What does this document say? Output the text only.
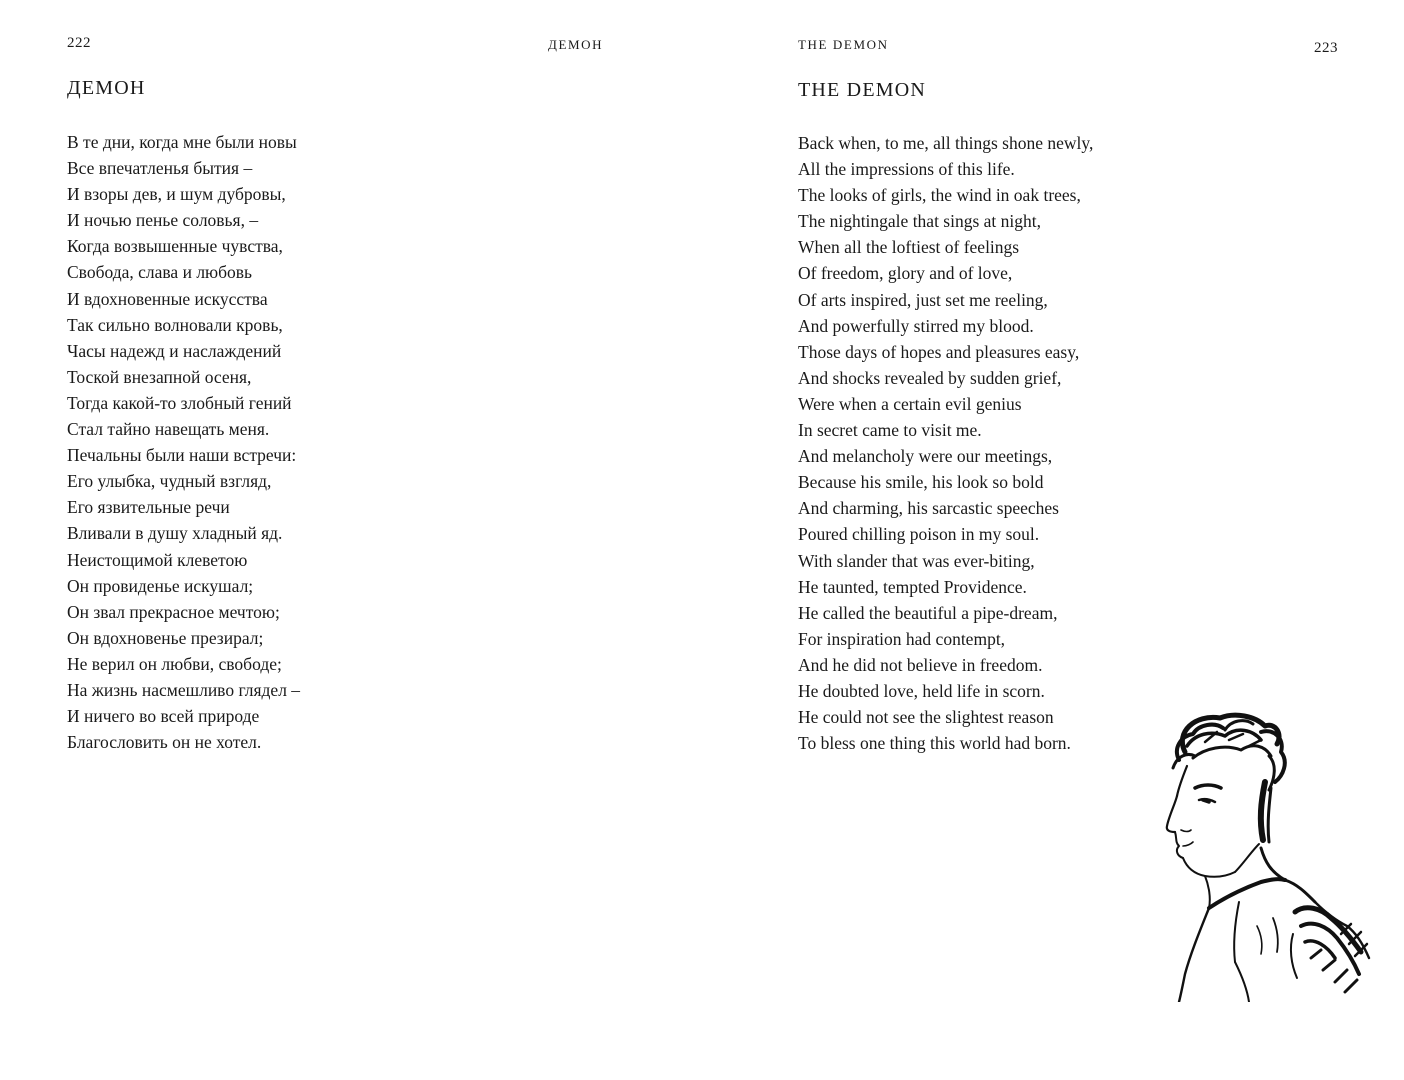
222	ДЕМОН
ДЕМОН
В те дни, когда мне были новы
Все впечатленья бытия –
И взоры дев, и шум дубровы,
И ночью пенье соловья, –
Когда возвышенные чувства,
Свобода, слава и любовь
И вдохновенные искусства
Так сильно волновали кровь,
Часы надежд и наслаждений
Тоской внезапной осеня,
Тогда какой-то злобный гений
Стал тайно навещать меня.
Печальны были наши встречи:
Его улыбка, чудный взгляд,
Его язвительные речи
Вливали в душу хладный яд.
Неистощимой клеветою
Он провиденье искушал;
Он звал прекрасное мечтою;
Он вдохновенье презирал;
Не верил он любви, свободе;
На жизнь насмешливо глядел –
И ничего во всей природе
Благословить он не хотел.
THE DEMON	223
THE DEMON
Back when, to me, all things shone newly,
All the impressions of this life.
The looks of girls, the wind in oak trees,
The nightingale that sings at night,
When all the loftiest of feelings
Of freedom, glory and of love,
Of arts inspired, just set me reeling,
And powerfully stirred my blood.
Those days of hopes and pleasures easy,
And shocks revealed by sudden grief,
Were when a certain evil genius
In secret came to visit me.
And melancholy were our meetings,
Because his smile, his look so bold
And charming, his sarcastic speeches
Poured chilling poison in my soul.
With slander that was ever-biting,
He taunted, tempted Providence.
He called the beautiful a pipe-dream,
For inspiration had contempt,
And he did not believe in freedom.
He doubted love, held life in scorn.
He could not see the slightest reason
To bless one thing this world had born.
